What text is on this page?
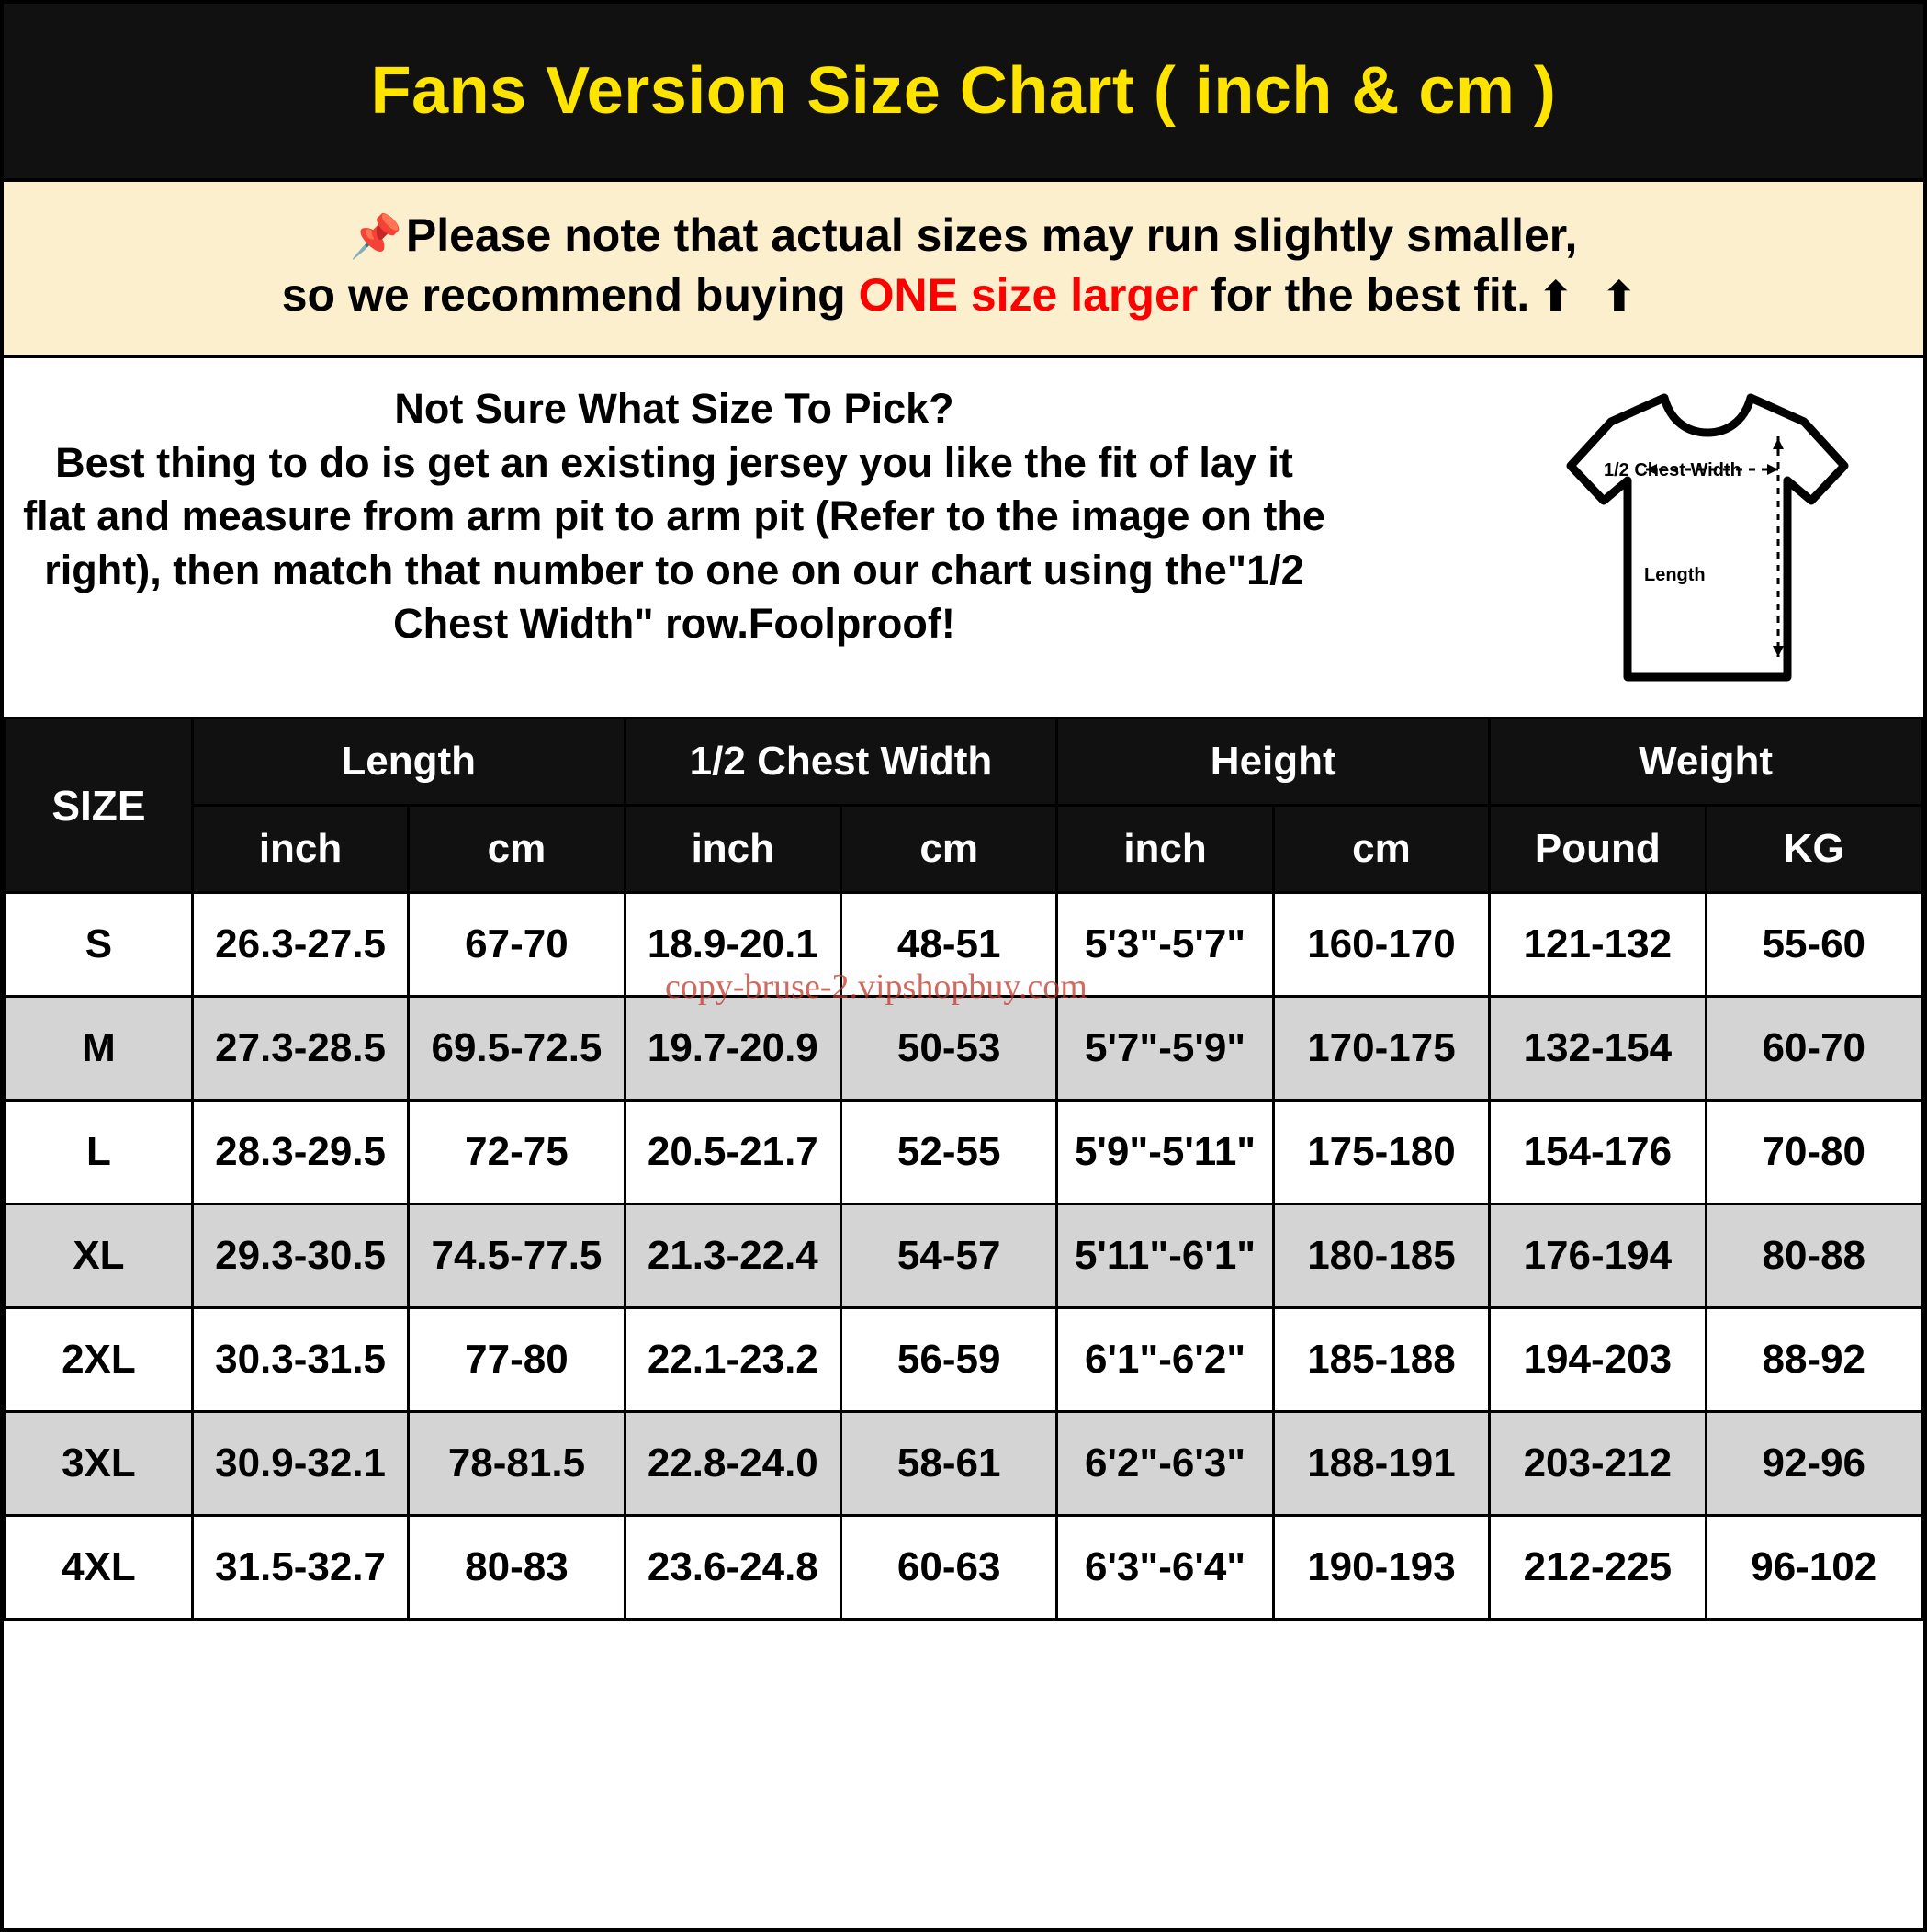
Fans Version Size Chart ( inch & cm )
📌Please note that actual sizes may run slightly smaller,
so we recommend buying ONE size larger for the best fit. ⬆ ⬆
Not Sure What Size To Pick?
Best thing to do is get an existing jersey you like the fit of lay it flat and measure from arm pit to arm pit (Refer to the image on the right), then match that number to one on our chart using the"1/2 Chest Width" row.Foolproof!
1/2 Chest Width
Length
SIZE	Length		1/2 Chest Width		Height		Weight	
	inch	cm	inch	cm	inch	cm	Pound	KG
S	26.3-27.5	67-70	18.9-20.1	48-51	5'3"-5'7"	160-170	121-132	55-60
M	27.3-28.5	69.5-72.5	19.7-20.9	50-53	5'7"-5'9"	170-175	132-154	60-70
L	28.3-29.5	72-75	20.5-21.7	52-55	5'9"-5'11"	175-180	154-176	70-80
XL	29.3-30.5	74.5-77.5	21.3-22.4	54-57	5'11"-6'1"	180-185	176-194	80-88
2XL	30.3-31.5	77-80	22.1-23.2	56-59	6'1"-6'2"	185-188	194-203	88-92
3XL	30.9-32.1	78-81.5	22.8-24.0	58-61	6'2"-6'3"	188-191	203-212	92-96
4XL	31.5-32.7	80-83	23.6-24.8	60-63	6'3"-6'4"	190-193	212-225	96-102
copy-bruse-2.vipshopbuy.com
